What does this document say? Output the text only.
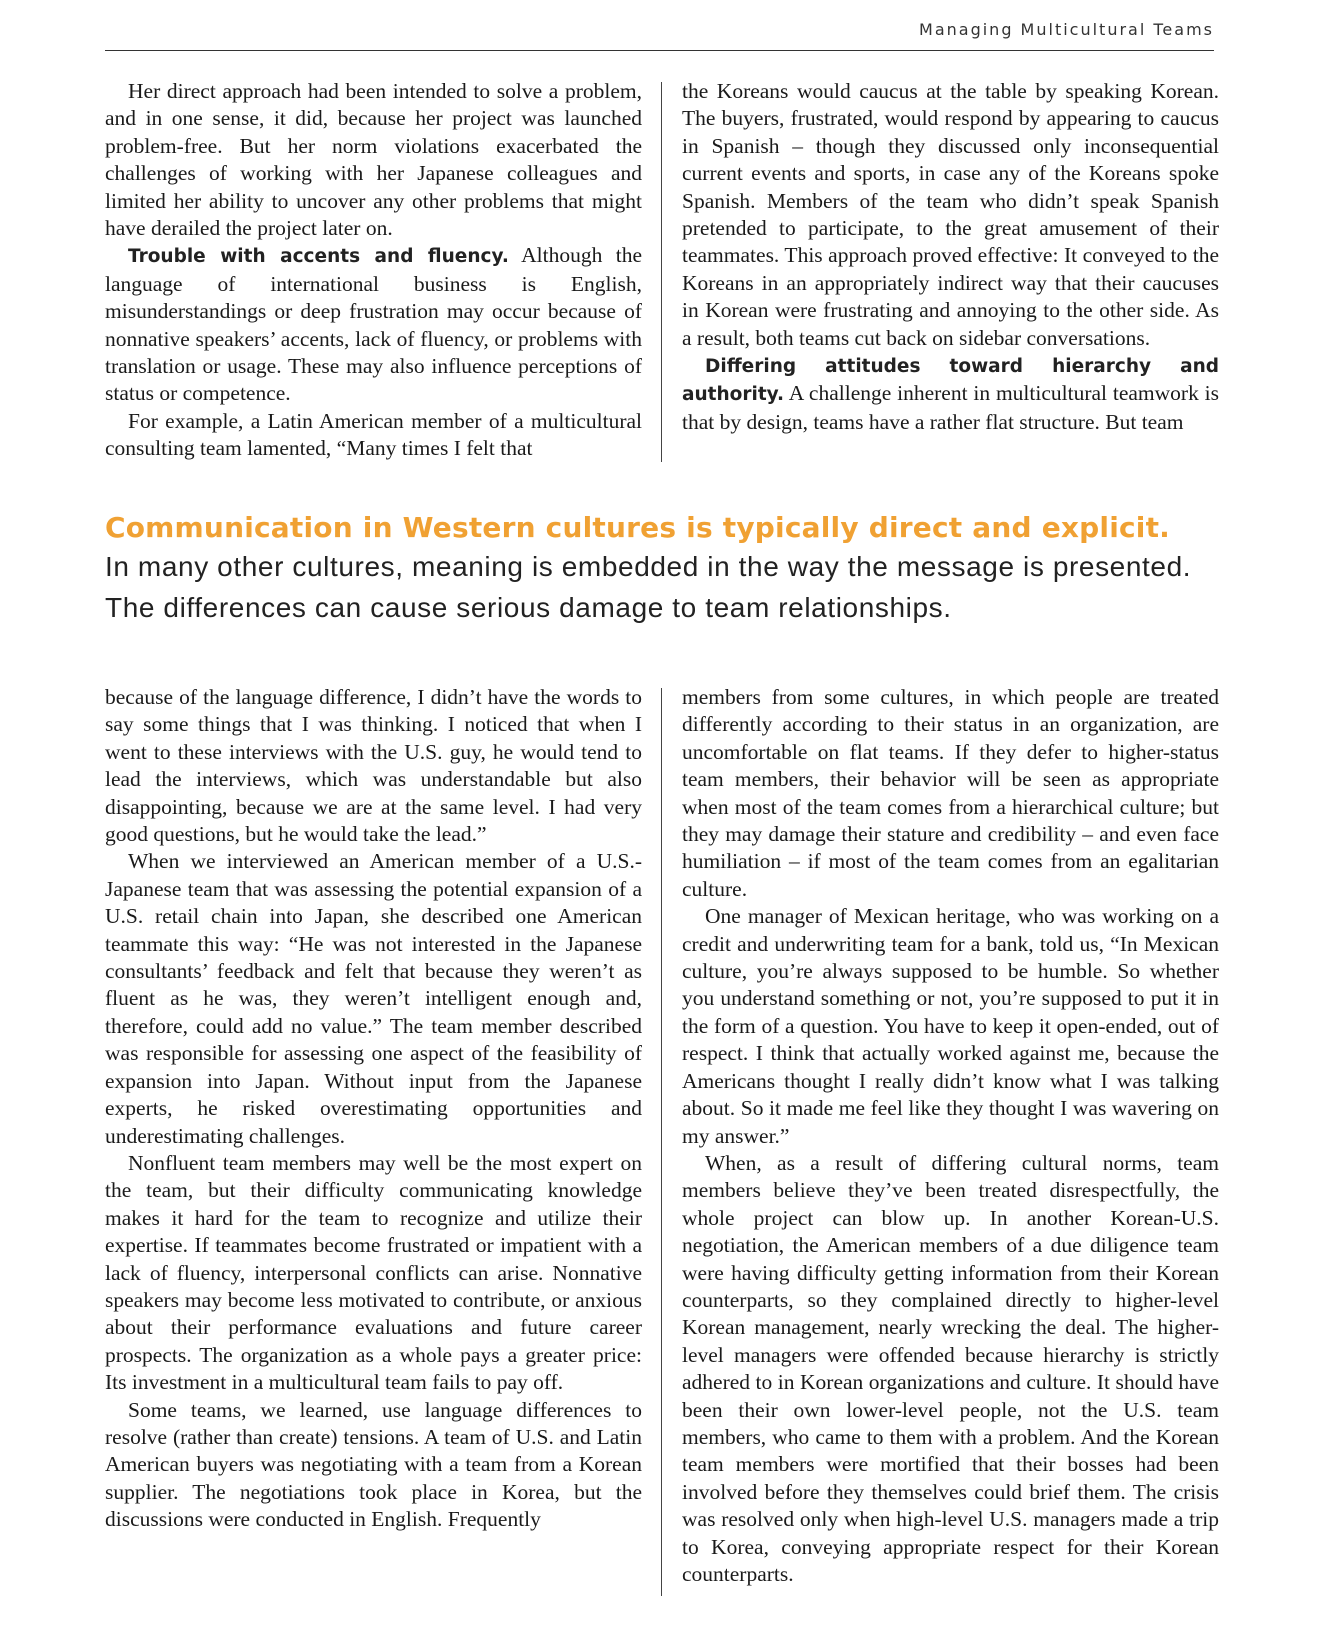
Managing Multicultural Teams

Her direct approach had been intended to solve a problem, and in one sense, it did, because her project was launched problem-free. But her norm violations exacerbated the challenges of working with her Japanese colleagues and limited her ability to uncover any other problems that might have derailed the project later on.

Trouble with accents and fluency. Although the language of international business is English, misunderstandings or deep frustration may occur because of nonnative speakers’ accents, lack of fluency, or problems with translation or usage. These may also influence perceptions of status or competence.

For example, a Latin American member of a multicultural consulting team lamented, “Many times I felt that

the Koreans would caucus at the table by speaking Korean. The buyers, frustrated, would respond by appearing to caucus in Spanish – though they discussed only inconsequential current events and sports, in case any of the Koreans spoke Spanish. Members of the team who didn’t speak Spanish pretended to participate, to the great amusement of their teammates. This approach proved effective: It conveyed to the Koreans in an appropriately indirect way that their caucuses in Korean were frustrating and annoying to the other side. As a result, both teams cut back on sidebar conversations.

Differing attitudes toward hierarchy and authority. A challenge inherent in multicultural teamwork is that by design, teams have a rather flat structure. But team

Communication in Western cultures is typically direct and explicit.
In many other cultures, meaning is embedded in the way the message is presented.
The differences can cause serious damage to team relationships.

because of the language difference, I didn’t have the words to say some things that I was thinking. I noticed that when I went to these interviews with the U.S. guy, he would tend to lead the interviews, which was understandable but also disappointing, because we are at the same level. I had very good questions, but he would take the lead.”

When we interviewed an American member of a U.S.-Japanese team that was assessing the potential expansion of a U.S. retail chain into Japan, she described one American teammate this way: “He was not interested in the Japanese consultants’ feedback and felt that because they weren’t as fluent as he was, they weren’t intelligent enough and, therefore, could add no value.” The team member described was responsible for assessing one aspect of the feasibility of expansion into Japan. Without input from the Japanese experts, he risked overestimating opportunities and underestimating challenges.

Nonfluent team members may well be the most expert on the team, but their difficulty communicating knowledge makes it hard for the team to recognize and utilize their expertise. If teammates become frustrated or impatient with a lack of fluency, interpersonal conflicts can arise. Nonnative speakers may become less motivated to contribute, or anxious about their performance evaluations and future career prospects. The organization as a whole pays a greater price: Its investment in a multicultural team fails to pay off.

Some teams, we learned, use language differences to resolve (rather than create) tensions. A team of U.S. and Latin American buyers was negotiating with a team from a Korean supplier. The negotiations took place in Korea, but the discussions were conducted in English. Frequently

members from some cultures, in which people are treated differently according to their status in an organization, are uncomfortable on flat teams. If they defer to higher-status team members, their behavior will be seen as appropriate when most of the team comes from a hierarchical culture; but they may damage their stature and credibility – and even face humiliation – if most of the team comes from an egalitarian culture.

One manager of Mexican heritage, who was working on a credit and underwriting team for a bank, told us, “In Mexican culture, you’re always supposed to be humble. So whether you understand something or not, you’re supposed to put it in the form of a question. You have to keep it open-ended, out of respect. I think that actually worked against me, because the Americans thought I really didn’t know what I was talking about. So it made me feel like they thought I was wavering on my answer.”

When, as a result of differing cultural norms, team members believe they’ve been treated disrespectfully, the whole project can blow up. In another Korean-U.S. negotiation, the American members of a due diligence team were having difficulty getting information from their Korean counterparts, so they complained directly to higher-level Korean management, nearly wrecking the deal. The higher-level managers were offended because hierarchy is strictly adhered to in Korean organizations and culture. It should have been their own lower-level people, not the U.S. team members, who came to them with a problem. And the Korean team members were mortified that their bosses had been involved before they themselves could brief them. The crisis was resolved only when high-level U.S. managers made a trip to Korea, conveying appropriate respect for their Korean counterparts.
